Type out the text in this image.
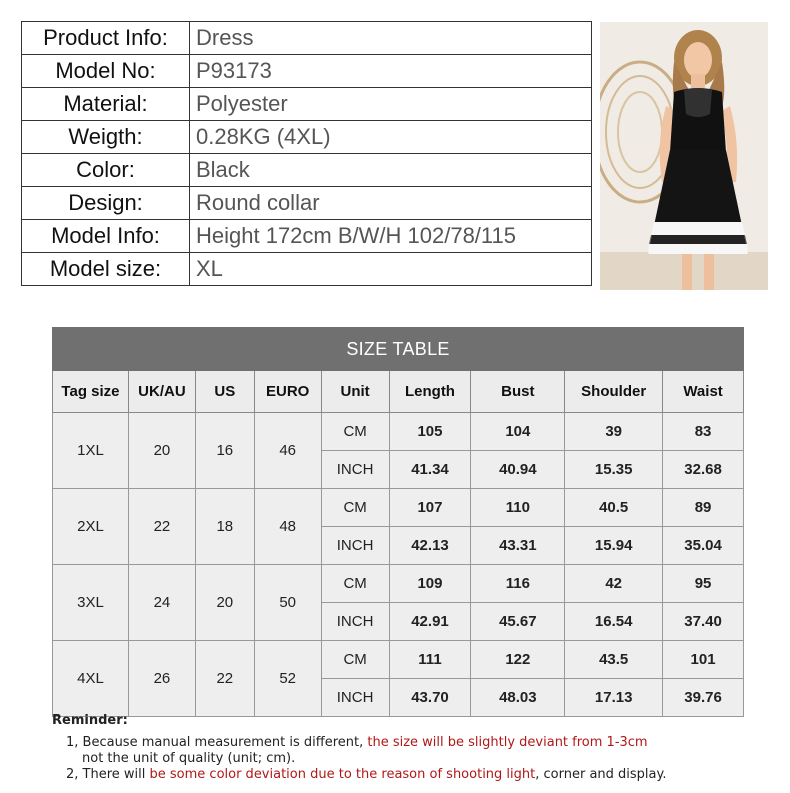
Product Info:	Dress
Model No:	P93173
Material:	Polyester
Weigth:	0.28KG (4XL)
Color:	Black
Design:	Round collar
Model Info:	Height 172cm B/W/H 102/78/115
Model size:	XL
SIZE TABLE								
Tag size	UK/AU	US	EURO	Unit	Length	Bust	Shoulder	Waist
1XL	20	16	46	CM	105	104	39	83
				INCH	41.34	40.94	15.35	32.68
2XL	22	18	48	CM	107	110	40.5	89
				INCH	42.13	43.31	15.94	35.04
3XL	24	20	50	CM	109	116	42	95
				INCH	42.91	45.67	16.54	37.40
4XL	26	22	52	CM	111	122	43.5	101
				INCH	43.70	48.03	17.13	39.76
Reminder:
1, Because manual measurement is different, the size will be slightly deviant from 1-3cm
not the unit of quality (unit; cm).
2, There will be some color deviation due to the reason of shooting light, corner and display.
